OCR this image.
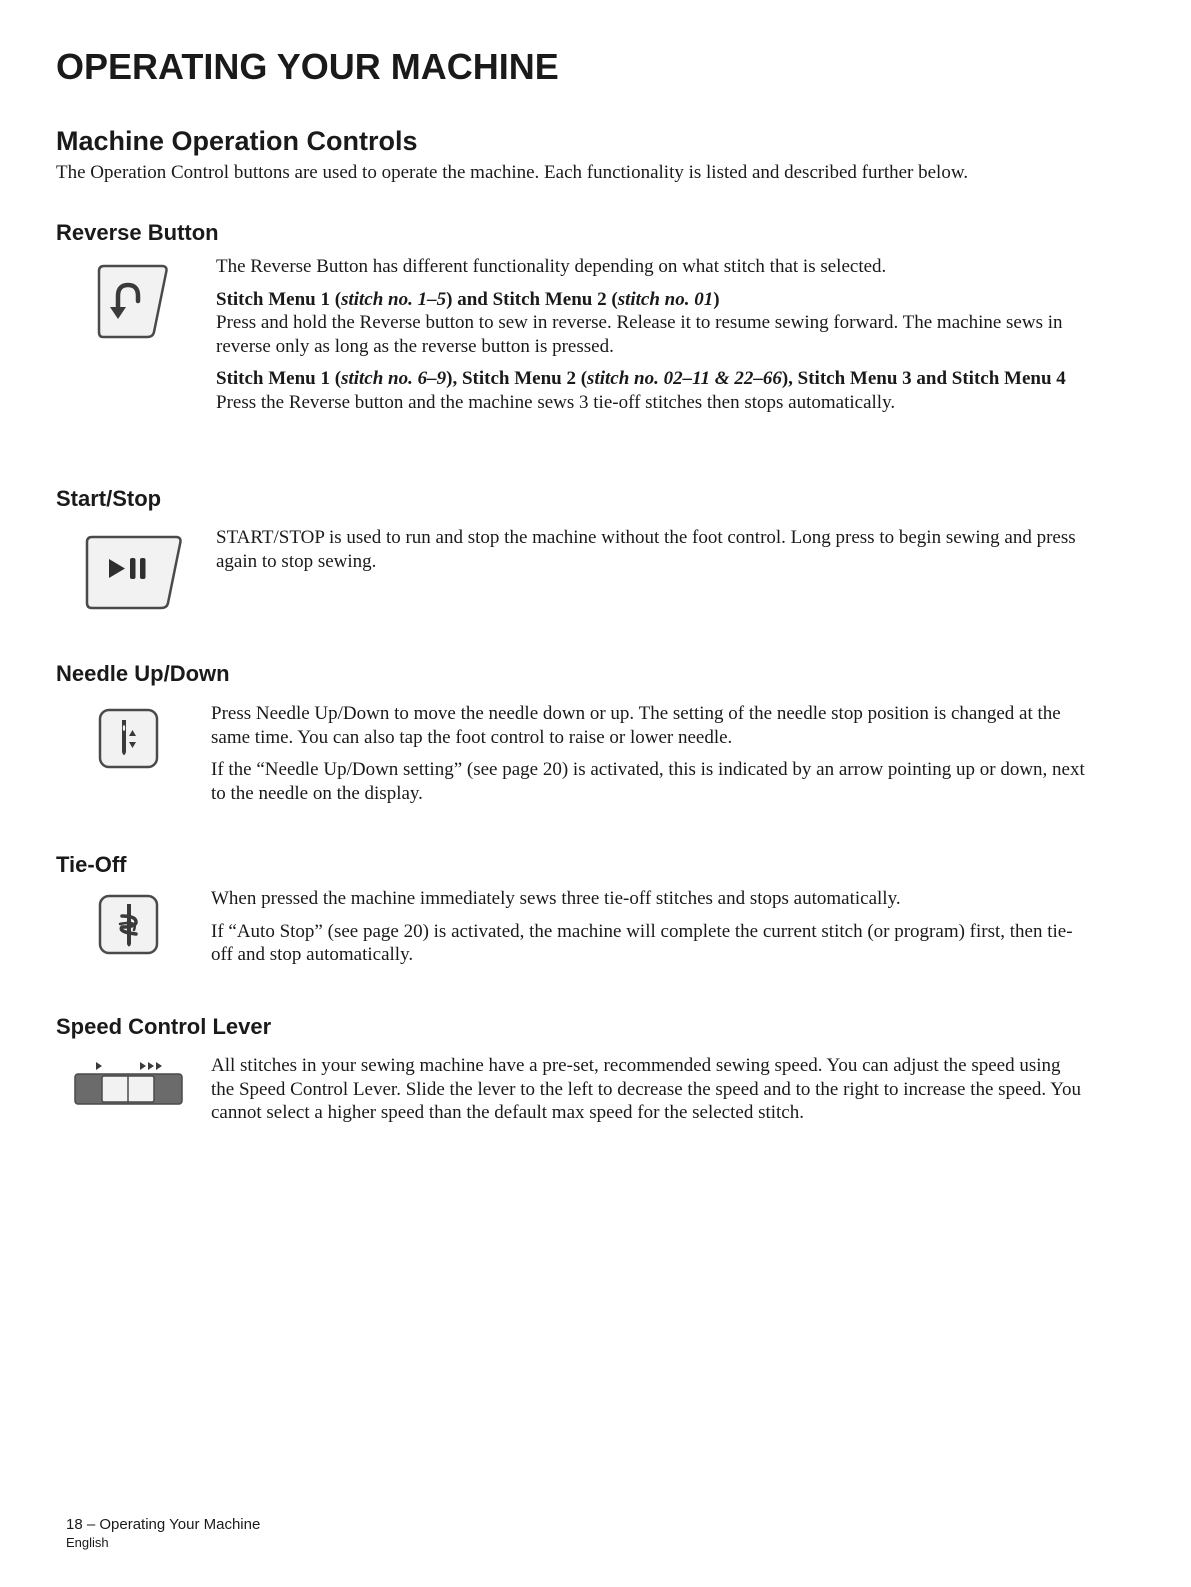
OPERATING YOUR MACHINE
Machine Operation Controls

The Operation Control buttons are used to operate the machine. Each functionality is listed and described further below.

Reverse Button

The Reverse Button has different functionality depending on what stitch that is selected.

Stitch Menu 1 (stitch no. 1–5) and Stitch Menu 2 (stitch no. 01)
Press and hold the Reverse button to sew in reverse. Release it to resume sewing forward. The machine sews in reverse only as long as the reverse button is pressed.

Stitch Menu 1 (stitch no. 6–9), Stitch Menu 2 (stitch no. 02–11 & 22–66), Stitch Menu 3 and Stitch Menu 4
Press the Reverse button and the machine sews 3 tie-off stitches then stops automatically.

Start/Stop

START/STOP is used to run and stop the machine without the foot control. Long press to begin sewing and press again to stop sewing.

Needle Up/Down

Press Needle Up/Down to move the needle down or up. The setting of the needle stop position is changed at the same time. You can also tap the foot control to raise or lower needle.

If the “Needle Up/Down setting” (see page 20) is activated, this is indicated by an arrow pointing up or down, next to the needle on the display.

Tie-Off

When pressed the machine immediately sews three tie-off stitches and stops automatically.

If “Auto Stop” (see page 20) is activated, the machine will complete the current stitch (or program) first, then tie-off and stop automatically.

Speed Control Lever

All stitches in your sewing machine have a pre-set, recommended sewing speed. You can adjust the speed using the Speed Control Lever. Slide the lever to the left to decrease the speed and to the right to increase the speed. You cannot select a higher speed than the default max speed for the selected stitch.

18 – Operating Your Machine
English
